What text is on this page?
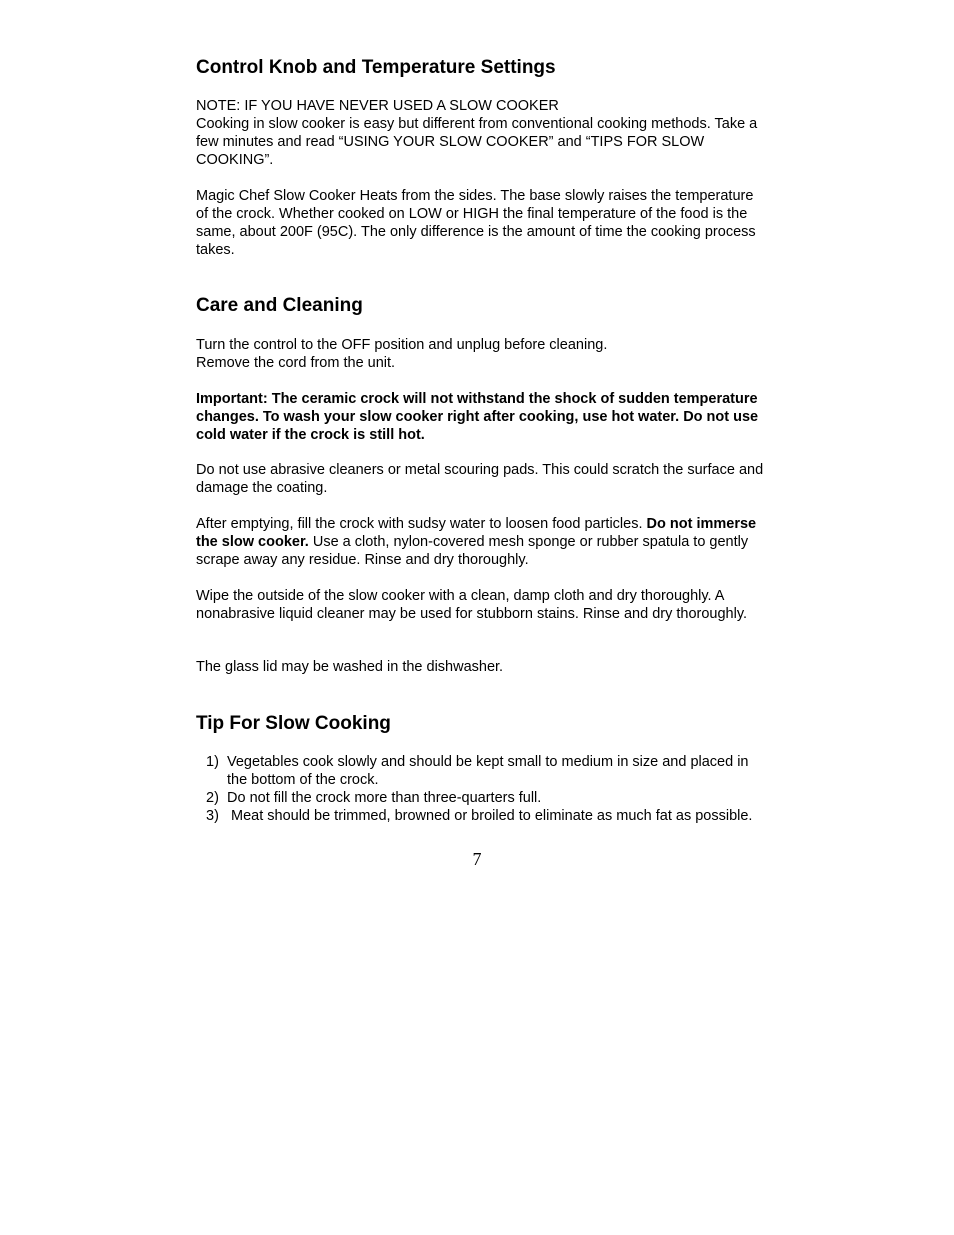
Control Knob and Temperature Settings

NOTE: IF YOU HAVE NEVER USED A SLOW COOKER
Cooking in slow cooker is easy but different from conventional cooking methods. Take a few minutes and read “USING YOUR SLOW COOKER” and “TIPS FOR SLOW COOKING”.

Magic Chef Slow Cooker Heats from the sides. The base slowly raises the temperature of the crock. Whether cooked on LOW or HIGH the final temperature of the food is the same, about 200F (95C). The only difference is the amount of time the cooking process takes.

Care and Cleaning

Turn the control to the OFF position and unplug before cleaning.
Remove the cord from the unit.

Important: The ceramic crock will not withstand the shock of sudden temperature changes. To wash your slow cooker right after cooking, use hot water. Do not use cold water if the crock is still hot.

Do not use abrasive cleaners or metal scouring pads. This could scratch the surface and damage the coating.

After emptying, fill the crock with sudsy water to loosen food particles. Do not immerse the slow cooker. Use a cloth, nylon-covered mesh sponge or rubber spatula to gently scrape away any residue. Rinse and dry thoroughly.

Wipe the outside of the slow cooker with a clean, damp cloth and dry thoroughly. A nonabrasive liquid cleaner may be used for stubborn stains. Rinse and dry thoroughly.

The glass lid may be washed in the dishwasher.

Tip For Slow Cooking
1) Vegetables cook slowly and should be kept small to medium in size and placed in the bottom of the crock.
2) Do not fill the crock more than three-quarters full.
3) Meat should be trimmed, browned or broiled to eliminate as much fat as possible.
7
